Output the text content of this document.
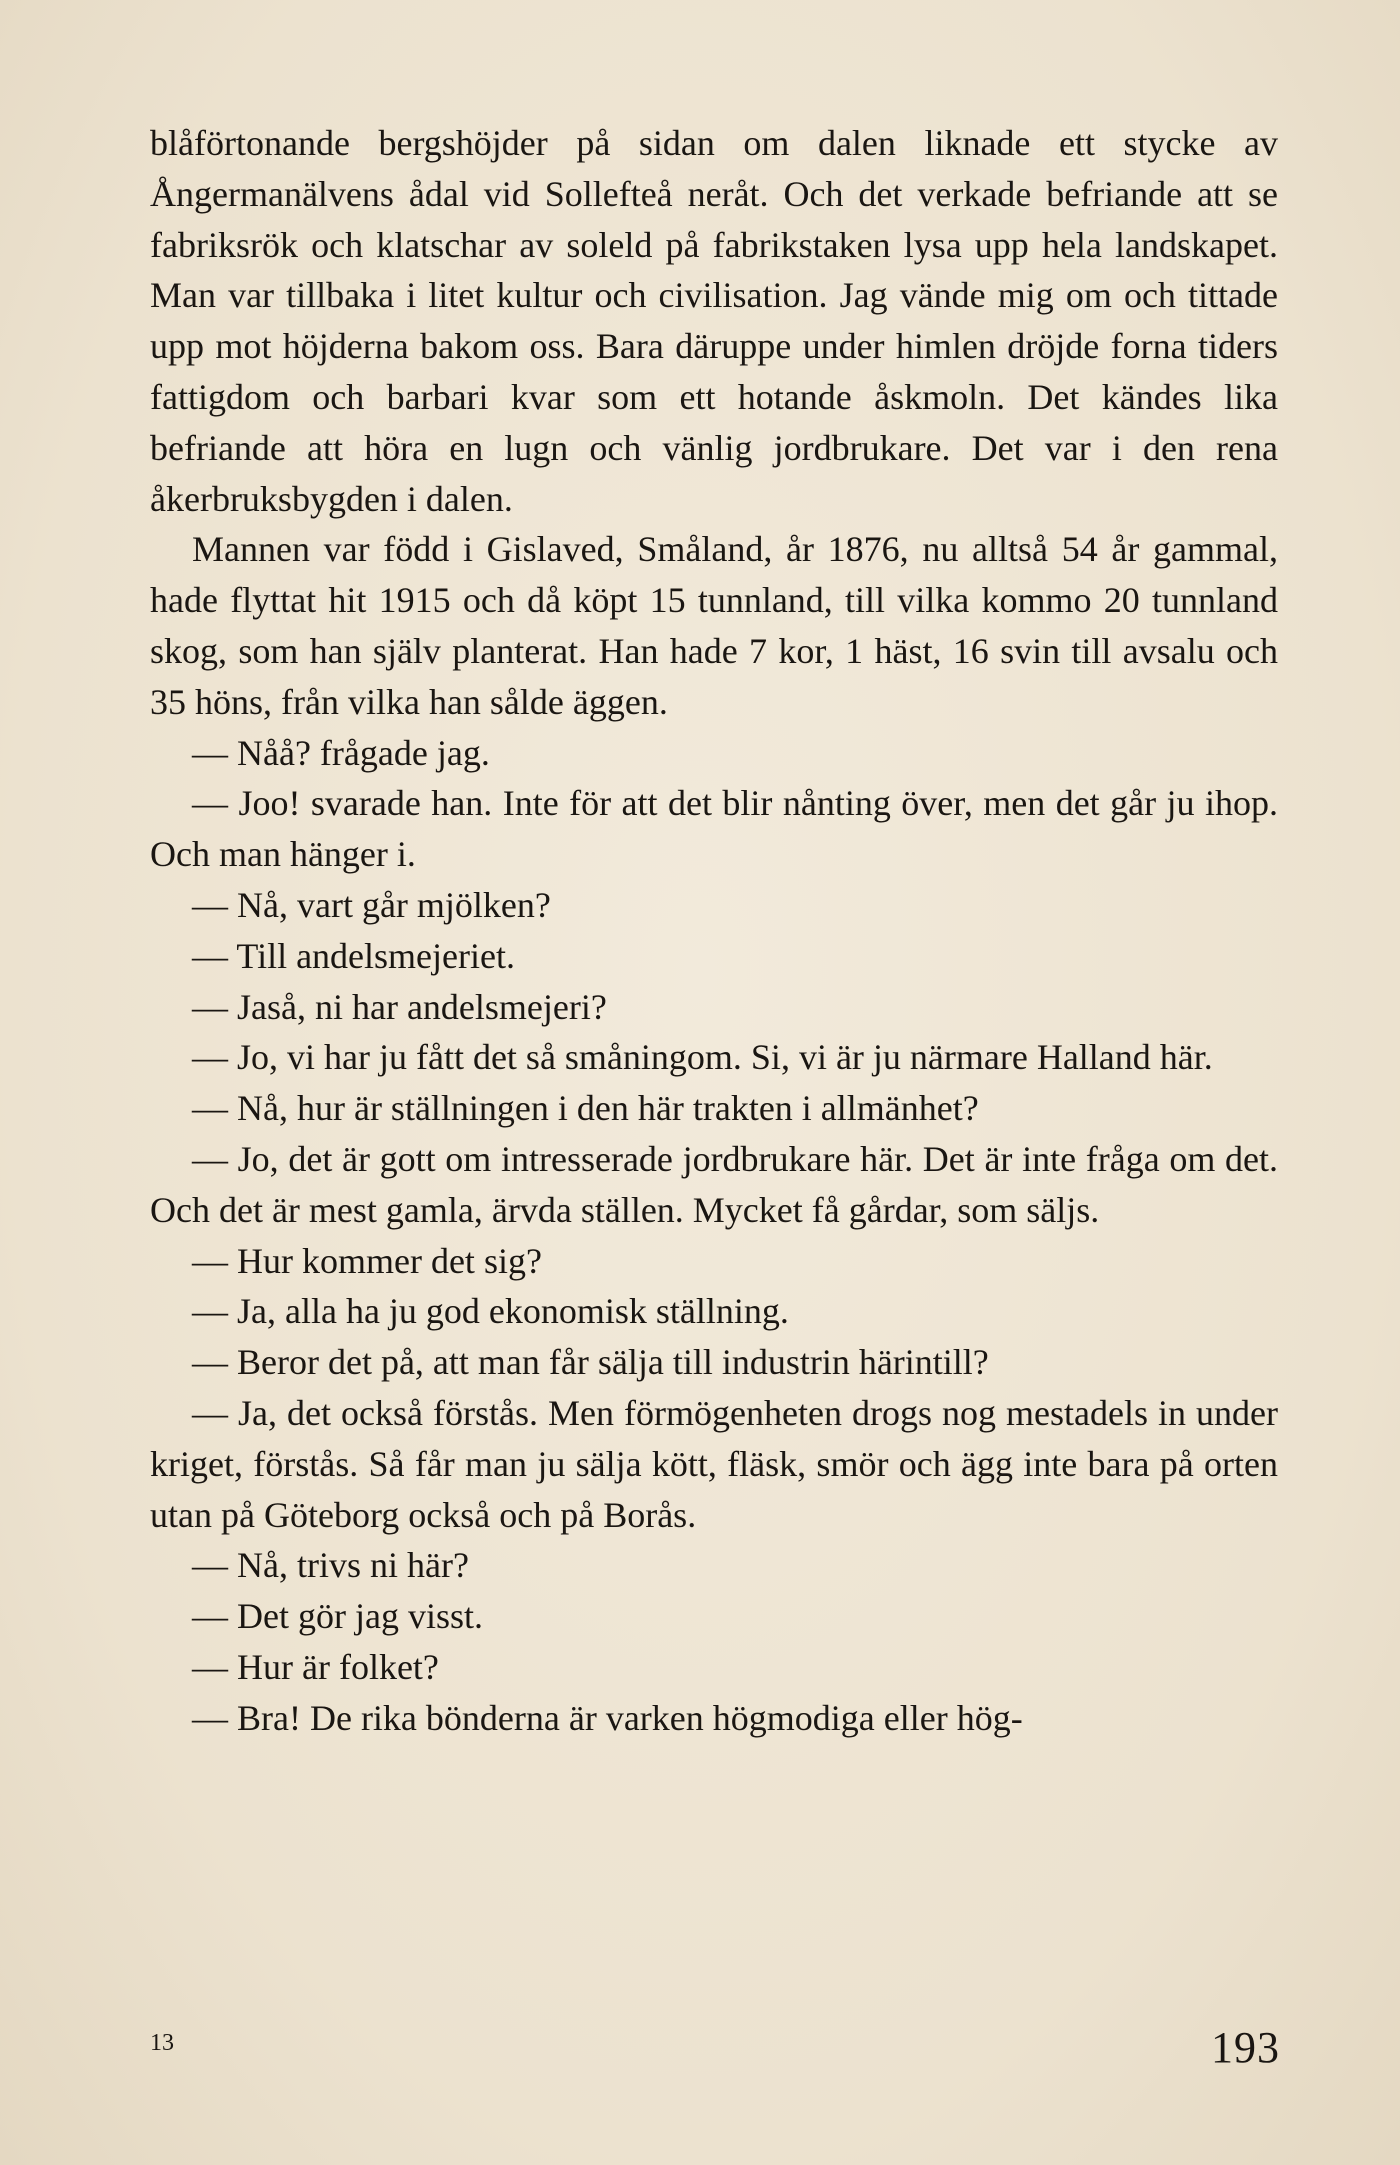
blåförtonande bergshöjder på sidan om dalen liknade ett stycke av Ångermanälvens ådal vid Sollefteå neråt. Och det verkade befriande att se fabriksrök och klatschar av soleld på fabrikstaken lysa upp hela landskapet. Man var tillbaka i litet kultur och civilisation. Jag vände mig om och tittade upp mot höjderna bakom oss. Bara däruppe under himlen dröjde forna tiders fattigdom och barbari kvar som ett hotande åskmoln. Det kändes lika befriande att höra en lugn och vänlig jordbrukare. Det var i den rena åkerbruksbygden i dalen.

Mannen var född i Gislaved, Småland, år 1876, nu alltså 54 år gammal, hade flyttat hit 1915 och då köpt 15 tunnland, till vilka kommo 20 tunnland skog, som han själv planterat. Han hade 7 kor, 1 häst, 16 svin till avsalu och 35 höns, från vilka han sålde äggen.

— Nåå? frågade jag.

— Joo! svarade han. Inte för att det blir nånting över, men det går ju ihop. Och man hänger i.

— Nå, vart går mjölken?

— Till andelsmejeriet.

— Jaså, ni har andelsmejeri?

— Jo, vi har ju fått det så småningom. Si, vi är ju närmare Halland här.

— Nå, hur är ställningen i den här trakten i allmänhet?

— Jo, det är gott om intresserade jordbrukare här. Det är inte fråga om det. Och det är mest gamla, ärvda ställen. Mycket få gårdar, som säljs.

— Hur kommer det sig?

— Ja, alla ha ju god ekonomisk ställning.

— Beror det på, att man får sälja till industrin härintill?

— Ja, det också förstås. Men förmögenheten drogs nog mestadels in under kriget, förstås. Så får man ju sälja kött, fläsk, smör och ägg inte bara på orten utan på Göteborg också och på Borås.

— Nå, trivs ni här?

— Det gör jag visst.

— Hur är folket?

— Bra! De rika bönderna är varken högmodiga eller hög-

13	193
